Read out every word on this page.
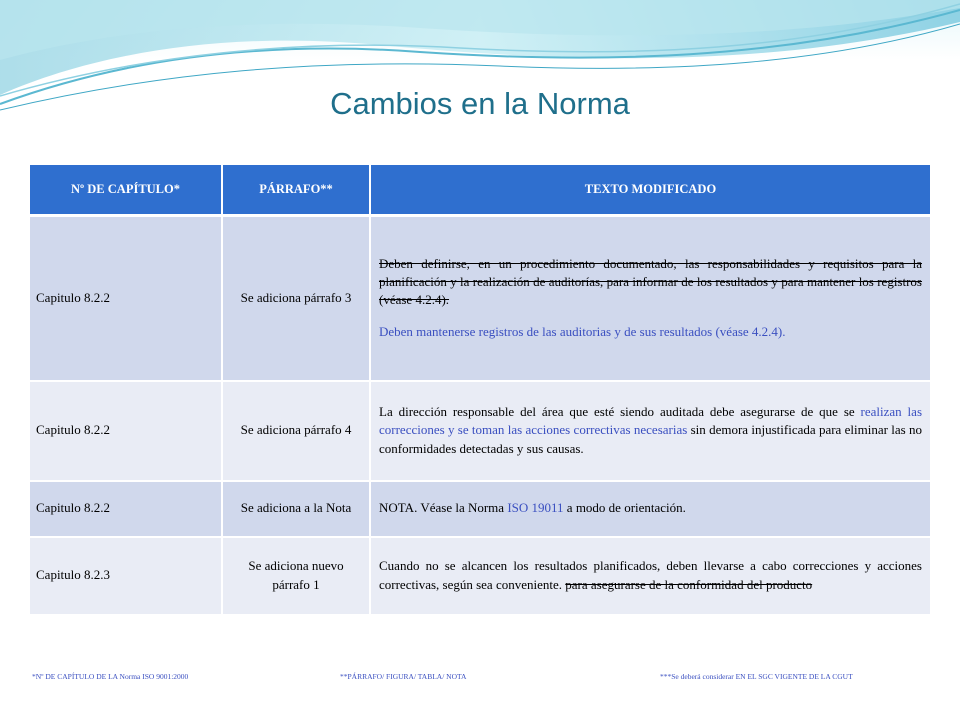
Cambios en la Norma
Nº DE CAPÍTULO*	PÁRRAFO**	TEXTO MODIFICADO
Capitulo 8.2.2	Se adiciona párrafo 3	Deben definirse, en un procedimiento documentado, las responsabilidades y requisitos para la planificación y la realización de auditorías, para informar de los resultados y para mantener los registros (véase 4.2.4).

Deben mantenerse registros de las auditorias y de sus resultados (véase 4.2.4).

Capitulo 8.2.2	Se adiciona párrafo 4	La dirección responsable del área que esté siendo auditada debe asegurarse de que se realizan las correcciones y se toman las acciones correctivas necesarias sin demora injustificada para eliminar las no conformidades detectadas y sus causas.
Capitulo 8.2.2	Se adiciona a la Nota	NOTA. Véase la Norma ISO 19011 a modo de orientación.
Capitulo 8.2.3	Se adiciona nuevo párrafo 1	Cuando no se alcancen los resultados planificados, deben llevarse a cabo correcciones y acciones correctivas, según sea conveniente. para asegurarse de la conformidad del producto
*Nº DE CAPÍTULO DE LA Norma ISO 9001:2000	**PÁRRAFO/ FIGURA/ TABLA/ NOTA	***Se deberá considerar EN EL SGC VIGENTE DE LA CGUT
